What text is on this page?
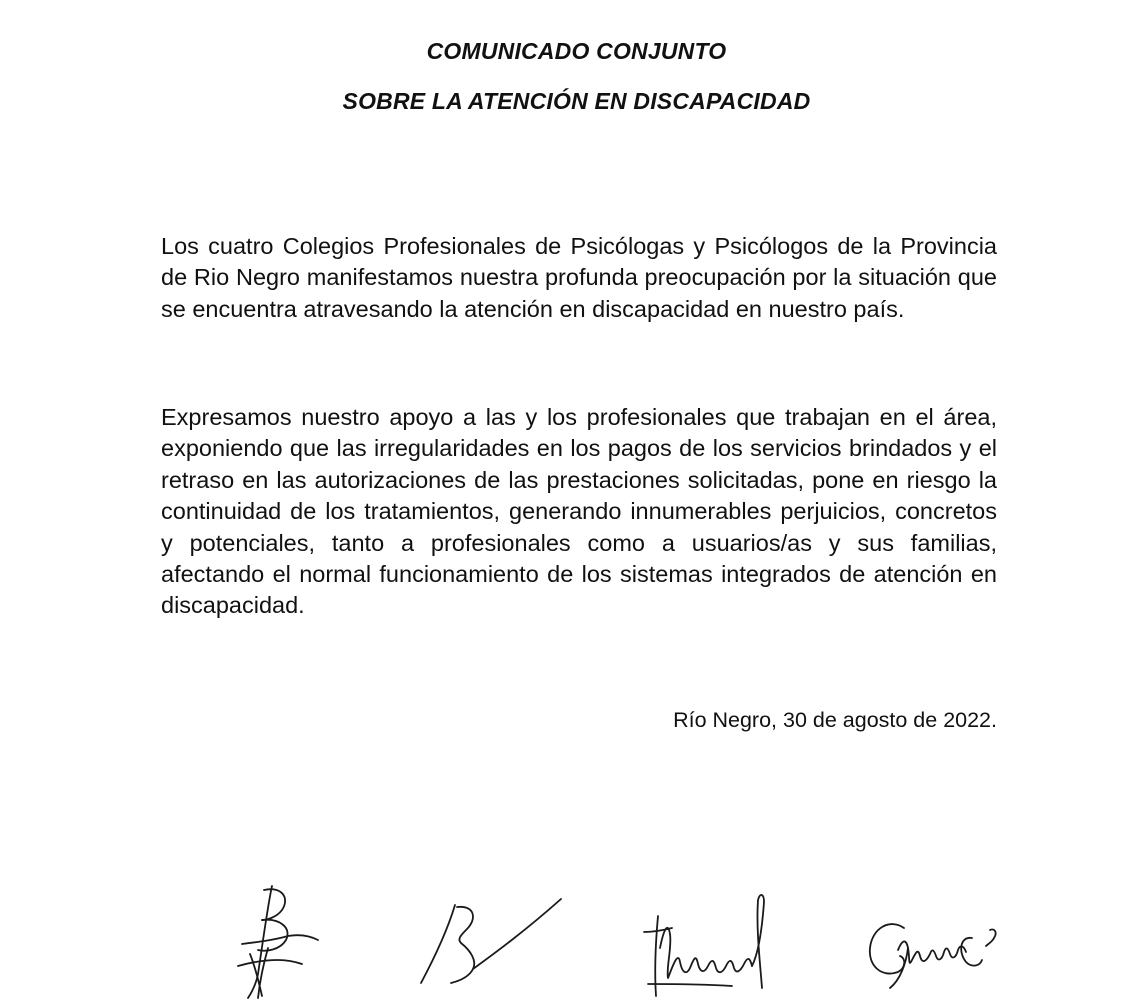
COMUNICADO CONJUNTO

SOBRE LA ATENCIÓN EN DISCAPACIDAD

Los cuatro Colegios Profesionales de Psicólogas y Psicólogos de la Provincia de Rio Negro manifestamos nuestra profunda preocupación por la situación que se encuentra atravesando la atención en discapacidad en nuestro país.

Expresamos nuestro apoyo a las y los profesionales que trabajan en el área, exponiendo que las irregularidades en los pagos de los servicios brindados y el retraso en las autorizaciones de las prestaciones solicitadas, pone en riesgo la continuidad de los tratamientos, generando innumerables perjuicios, concretos y potenciales, tanto a profesionales como a usuarios/as y sus familias, afectando el normal funcionamiento de los sistemas integrados de atención en discapacidad.

Río Negro, 30 de agosto de 2022.
